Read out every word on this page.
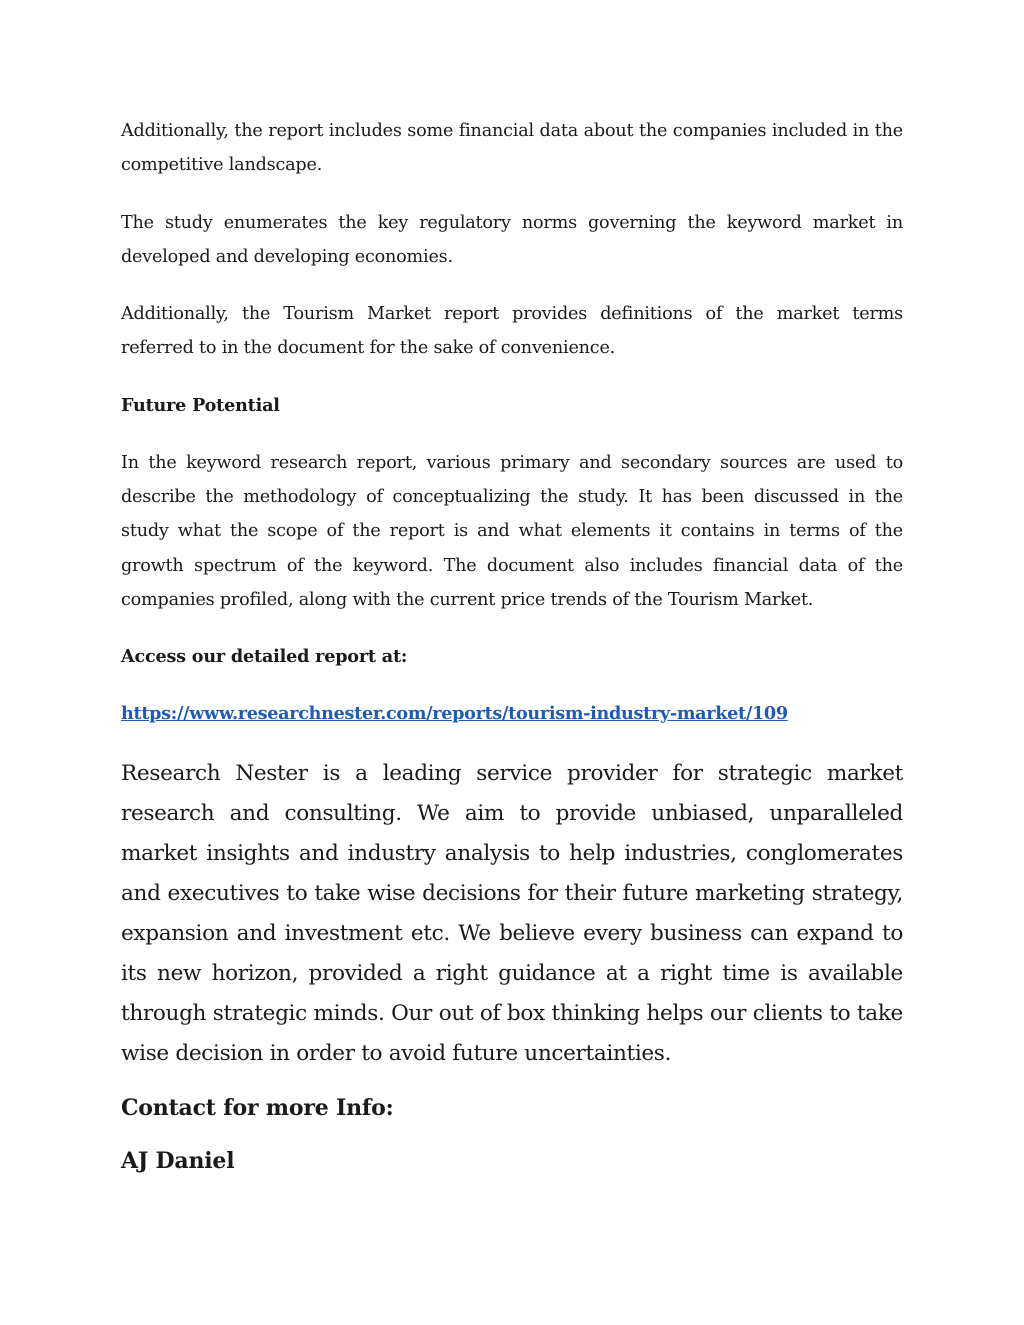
Additionally, the report includes some financial data about the companies included in the competitive landscape.

The study enumerates the key regulatory norms governing the keyword market in developed and developing economies.

Additionally, the Tourism Market report provides definitions of the market terms referred to in the document for the sake of convenience.

Future Potential

In the keyword research report, various primary and secondary sources are used to describe the methodology of conceptualizing the study. It has been discussed in the study what the scope of the report is and what elements it contains in terms of the growth spectrum of the keyword. The document also includes financial data of the companies profiled, along with the current price trends of the Tourism Market.

Access our detailed report at:
https://www.researchnester.com/reports/tourism-industry-market/109

Research Nester is a leading service provider for strategic market research and consulting. We aim to provide unbiased, unparalleled market insights and industry analysis to help industries, conglomerates and executives to take wise decisions for their future marketing strategy, expansion and investment etc. We believe every business can expand to its new horizon, provided a right guidance at a right time is available through strategic minds. Our out of box thinking helps our clients to take wise decision in order to avoid future uncertainties.

Contact for more Info:
AJ Daniel
